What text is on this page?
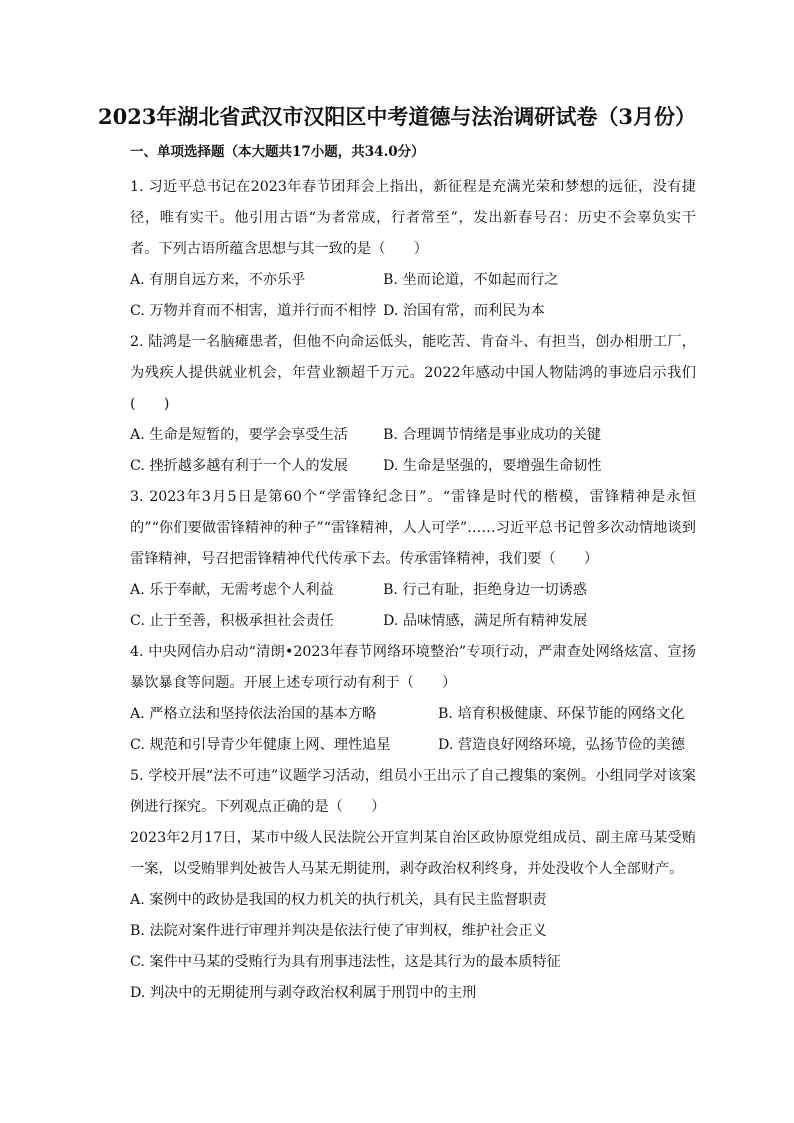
2023年湖北省武汉市汉阳区中考道德与法治调研试卷（3月份）
一、单项选择题（本大题共17小题，共34.0分）
1. 习近平总书记在2023年春节团拜会上指出，新征程是充满光荣和梦想的远征，没有捷径，唯有实干。他引用古语“为者常成，行者常至”，发出新春号召：历史不会辜负实干者。下列古语所蕴含思想与其一致的是（　　）
A. 有朋自远方来，不亦乐乎	B. 坐而论道，不如起而行之
C. 万物并育而不相害，道并行而不相悖 D. 治国有常，而利民为本
2. 陆鸿是一名脑瘫患者，但他不向命运低头，能吃苦、肯奋斗、有担当，创办相册工厂，为残疾人提供就业机会，年营业额超千万元。2022年感动中国人物陆鸿的事迹启示我们(　　)
A. 生命是短暂的，要学会享受生活	B. 合理调节情绪是事业成功的关键
C. 挫折越多越有利于一个人的发展	D. 生命是坚强的，要增强生命韧性
3. 2023年3月5日是第60个“学雷锋纪念日”。“雷锋是时代的楷模，雷锋精神是永恒的”“你们要做雷锋精神的种子”“雷锋精神，人人可学”……习近平总书记曾多次动情地谈到雷锋精神，号召把雷锋精神代代传承下去。传承雷锋精神，我们要（　　）
A. 乐于奉献，无需考虑个人利益	B. 行己有耻，拒绝身边一切诱惑
C. 止于至善，积极承担社会责任	D. 品味情感，满足所有精神发展
4. 中央网信办启动“清朗•2023年春节网络环境整治”专项行动，严肃查处网络炫富、宣扬暴饮暴食等问题。开展上述专项行动有利于（　　）
A. 严格立法和坚持依法治国的基本方略	B. 培育积极健康、环保节能的网络文化
C. 规范和引导青少年健康上网、理性追星	D. 营造良好网络环境，弘扬节俭的美德
5. 学校开展“法不可违”议题学习活动，组员小王出示了自己搜集的案例。小组同学对该案例进行探究。下列观点正确的是（　　）
2023年2月17日，某市中级人民法院公开宣判某自治区政协原党组成员、副主席马某受贿一案，以受贿罪判处被告人马某无期徒刑，剥夺政治权利终身，并处没收个人全部财产。
A. 案例中的政协是我国的权力机关的执行机关，具有民主监督职责
B. 法院对案件进行审理并判决是依法行使了审判权，维护社会正义
C. 案件中马某的受贿行为具有刑事违法性，这是其行为的最本质特征
D. 判决中的无期徒刑与剥夺政治权利属于刑罚中的主刑
